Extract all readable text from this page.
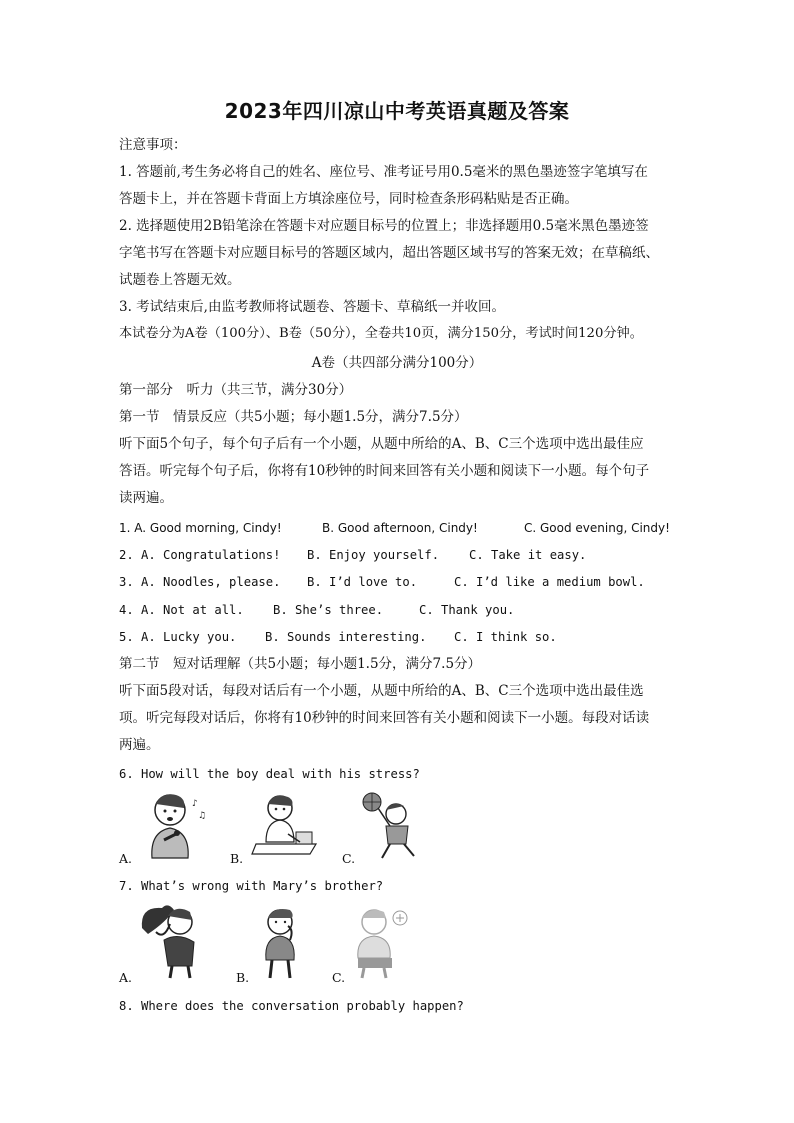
2023年四川凉山中考英语真题及答案
注意事项：
1. 答题前,考生务必将自己的姓名、座位号、准考证号用0.5毫米的黑色墨迹签字笔填写在
答题卡上，并在答题卡背面上方填涂座位号，同时检查条形码粘贴是否正确。
2. 选择题使用2B铅笔涂在答题卡对应题目标号的位置上；非选择题用0.5毫米黑色墨迹签
字笔书写在答题卡对应题目标号的答题区域内，超出答题区域书写的答案无效；在草稿纸、
试题卷上答题无效。
3. 考试结束后,由监考教师将试题卷、答题卡、草稿纸一并收回。
本试卷分为A卷（100分）、B卷（50分），全卷共10页，满分150分，考试时间120分钟。
A卷（共四部分满分100分）
第一部分　听力（共三节，满分30分）
第一节　情景反应（共5小题；每小题1.5分，满分7.5分）
听下面5个句子，每个句子后有一个小题，从题中所给的A、B、C三个选项中选出最佳应
答语。听完每个句子后，你将有10秒钟的时间来回答有关小题和阅读下一小题。每个句子
读两遍。
1. A. Good morning, Cindy!	B. Good afternoon, Cindy!	C. Good evening, Cindy!
2. A. Congratulations! B. Enjoy yourself. C. Take it easy.
3. A. Noodles, please. B. I’d love to.	C. I’d like a medium bowl.
4. A. Not at all. B. She’s three.	C. Thank you.
5. A. Lucky you. B. Sounds interesting. C. I think so.
第二节　短对话理解（共5小题；每小题1.5分，满分7.5分）
听下面5段对话，每段对话后有一个小题，从题中所给的A、B、C三个选项中选出最佳选
项。听完每段对话后，你将有10秒钟的时间来回答有关小题和阅读下一小题。每段对话读
两遍。
6. How will the boy deal with his stress?
♪
♫
A.	B.	C.
7. What’s wrong with Mary’s brother?
A.	B.	C.
8. Where does the conversation probably happen?
